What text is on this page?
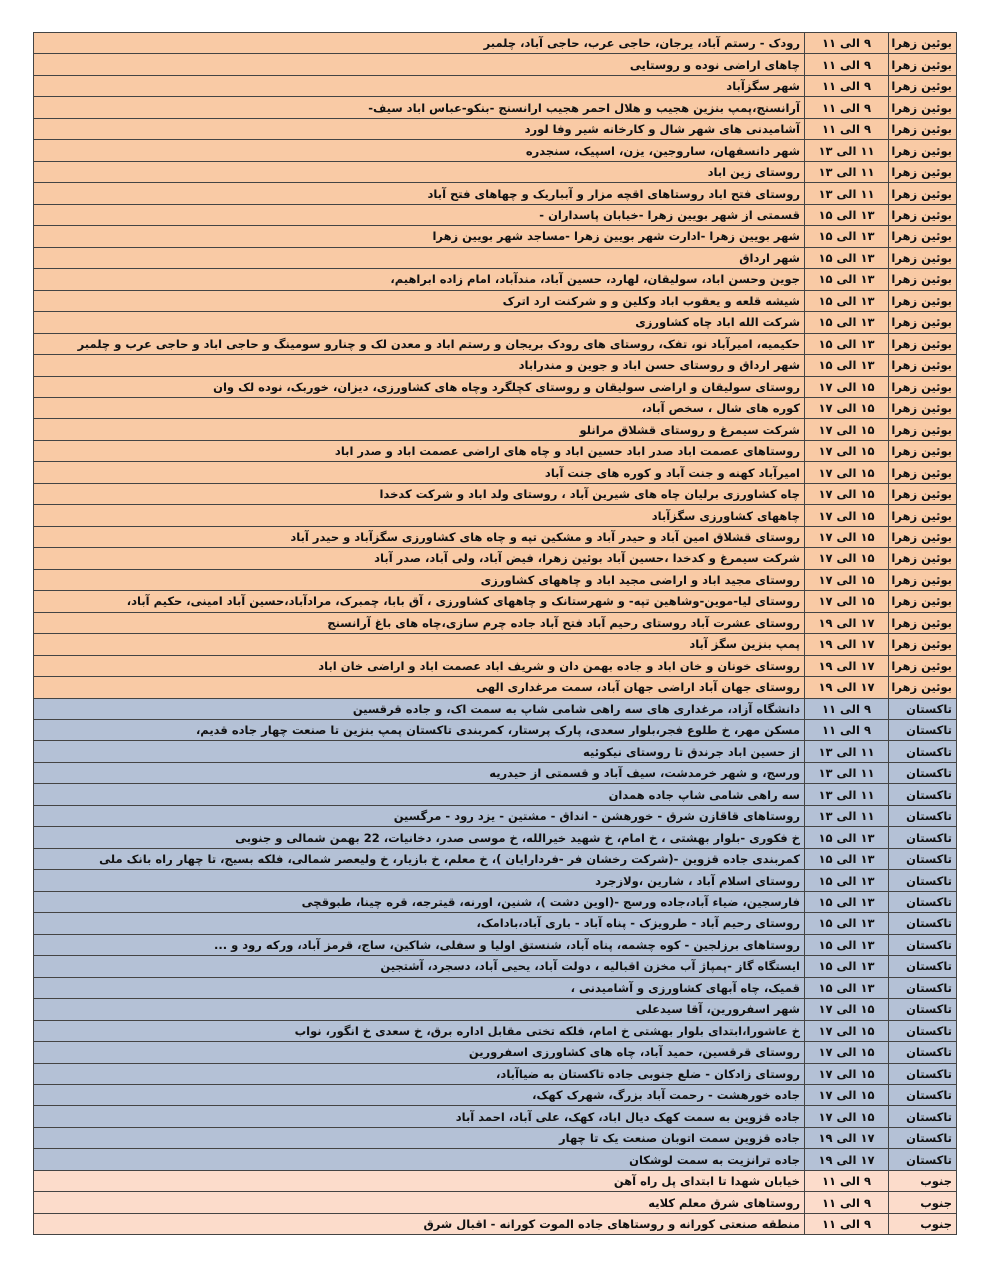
بوئین زهرا	۹ الی ۱۱	رودک - رستم آباد، یرجان، حاجی عرب، حاجی آباد، چلمبر
بوئین زهرا	۹ الی ۱۱	چاهای اراضی نوده و روستایی
بوئین زهرا	۹ الی ۱۱	شهر سگزآباد
بوئین زهرا	۹ الی ۱۱	آرانسنج،پمپ بنزین هجیب و هلال احمر هجیب ارانسنج -بنکو-عباس اباد سیف-
بوئین زهرا	۹ الی ۱۱	آشامیدنی های شهر شال و کارخانه شیر وفا لورد
بوئین زهرا	۱۱ الی ۱۳	شهر دانسفهان، ساروجین، یزن، اسپیک، سنجدره
بوئین زهرا	۱۱ الی ۱۳	روستای زین اباد
بوئین زهرا	۱۱ الی ۱۳	روستای فتح اباد روستاهای اقچه مزار و آبباریک و چهاهای فتح آباد
بوئین زهرا	۱۳ الی ۱۵	قسمتی از شهر بویین زهرا -خیابان پاسداران -
بوئین زهرا	۱۳ الی ۱۵	شهر بویین زهرا -ادارت شهر بویین زهرا -مساجد شهر بویین زهرا
بوئین زهرا	۱۳ الی ۱۵	شهر ارداق
بوئین زهرا	۱۳ الی ۱۵	جوین وحسن اباد، سولیقان، لهارد، حسین آباد، مندآباد، امام زاده ابراهیم،
بوئین زهرا	۱۳ الی ۱۵	شیشه قلعه و یعقوب اباد وکلین و و شرکنت ارد اترک
بوئین زهرا	۱۳ الی ۱۵	شرکت الله اباد چاه کشاورزی
بوئین زهرا	۱۳ الی ۱۵	حکیمیه، امیرآباد نو، تفک، روستای های رودک بریجان و رستم اباد و معدن لک و چنارو سومینگ و حاجی اباد و حاجی عرب و چلمبر
بوئین زهرا	۱۳ الی ۱۵	شهر ارداق و روستای حسن اباد و جوین و مندراباد
بوئین زهرا	۱۵ الی ۱۷	روستای سولیقان و اراضی سولیقان و روستای کچلگرد وچاه های کشاورزی، دیزان، خوربک، نوده لک وان
بوئین زهرا	۱۵ الی ۱۷	کوره های شال ، سخص آباد،
بوئین زهرا	۱۵ الی ۱۷	شرکت سیمرغ و روستای قشلاق مرانلو
بوئین زهرا	۱۵ الی ۱۷	روستاهای عصمت اباد صدر اباد حسین اباد و چاه های اراضی عصمت اباد و صدر اباد
بوئین زهرا	۱۵ الی ۱۷	امیرآباد کهنه و جنت آباد و کوره های جنت آباد
بوئین زهرا	۱۵ الی ۱۷	چاه کشاورزی برلیان چاه های شیرین آباد ، روستای ولد اباد و شرکت کدخدا
بوئین زهرا	۱۵ الی ۱۷	چاههای کشاورزی سگزآباد
بوئین زهرا	۱۵ الی ۱۷	روستای قشلاق امین آباد و حیدر آباد و مشکین تپه و چاه های کشاورزی سگزآباد و حیدر آباد
بوئین زهرا	۱۵ الی ۱۷	شرکت سیمرغ و کدخدا ،حسین آباد بوئین زهرا، فیض آباد، ولی آباد، صدر آباد
بوئین زهرا	۱۵ الی ۱۷	روستای مجید اباد و اراضی مجید اباد و چاههای کشاورزی
بوئین زهرا	۱۵ الی ۱۷	روستای لیا-موین-وشاهین تپه- و شهرستانک و چاههای کشاورزی ، آق بابا، چمبرک، مرادآباد،حسین آباد امینی، حکیم آباد،
بوئین زهرا	۱۷ الی ۱۹	روستای عشرت آباد روستای رحیم آباد فتح آباد جاده چرم سازی،چاه های باغ آرانسنج
بوئین زهرا	۱۷ الی ۱۹	پمپ بنزین سگز آباد
بوئین زهرا	۱۷ الی ۱۹	روستای خونان و خان اباد و جاده بهمن دان و شریف اباد عصمت اباد و اراضی خان اباد
بوئین زهرا	۱۷ الی ۱۹	روستای جهان آباد اراضی جهان آباد، سمت مرغداری الهی
تاکستان	۹ الی ۱۱	دانشگاه آزاد، مرغداری های سه راهی شامی شاپ به سمت اک، و جاده قرقسین
تاکستان	۹ الی ۱۱	مسکن مهر، خ طلوع فجر،بلوار سعدی، پارک پرستار، کمربندی تاکستان پمپ بنزین تا صنعت چهار جاده قدیم،
تاکستان	۱۱ الی ۱۳	از حسین اباد جرندق تا روستای نیکوئیه
تاکستان	۱۱ الی ۱۳	ورسج، و شهر خرمدشت، سیف آباد و قسمتی از حیدریه
تاکستان	۱۱ الی ۱۳	سه راهی شامی شاپ جاده همدان
تاکستان	۱۱ الی ۱۳	روستاهای قاقازن شرق - خورهشن - انداق - مشتین - یزد رود - مرگسین
تاکستان	۱۳ الی ۱۵	خ فکوری -بلوار بهشتی ، خ امام، خ شهید خیرالله، خ موسی صدر، دخانیات، 22 بهمن شمالی و جنوبی
تاکستان	۱۳ الی ۱۵	کمربندی جاده قزوین -(شرکت رخشان فر -فردارایان )، خ معلم، خ بازیار، خ ولیعصر شمالی، فلکه بسیج، تا چهار راه بانک ملی
تاکستان	۱۳ الی ۱۵	روستای اسلام آباد ، شارین ،ولازجرد
تاکستان	۱۳ الی ۱۵	فارسجین، ضیاء آباد،جاده ورسج -(اوین دشت )، شنین، اورنه، قیترجه، قره چینا، طبوقچی
تاکستان	۱۳ الی ۱۵	روستای رحیم آباد - طرویزک - پناه آباد - باری آباد،بادامک،
تاکستان	۱۳ الی ۱۵	روستاهای برزلجین - کوه چشمه، پناه آباد، شنستق اولیا و سفلی، شاکین، ساج، قرمز آباد، ورکه رود و ...
تاکستان	۱۳ الی ۱۵	ایستگاه گاز -پمپاژ آب مخزن اقبالیه ، دولت آباد، یحیی آباد، دسجرد، آشتجین
تاکستان	۱۳ الی ۱۵	قمیک، چاه آبهای کشاورزی و آشامیدنی ،
تاکستان	۱۵ الی ۱۷	شهر اسفرورین، آقا سیدعلی
تاکستان	۱۵ الی ۱۷	خ عاشورا،ابتدای بلوار بهشتی خ امام، فلکه تختی مقابل اداره برق، خ سعدی خ انگور، نواب
تاکستان	۱۵ الی ۱۷	روستای قرقسین، حمید آباد، چاه های کشاورزی اسفرورین
تاکستان	۱۵ الی ۱۷	روستای زادکان - ضلع جنوبی جاده تاکستان به ضیاآباد،
تاکستان	۱۵ الی ۱۷	جاده خورهشت - رحمت آباد بزرگ، شهرک کهک،
تاکستان	۱۵ الی ۱۷	جاده قزوین به سمت کهک دیال اباد، کهک، علی آباد، احمد آباد
تاکستان	۱۷ الی ۱۹	جاده قزوین سمت اتوبان صنعت یک تا چهار
تاکستان	۱۷ الی ۱۹	جاده ترانزیت به سمت لوشکان
جنوب	۹ الی ۱۱	خیابان شهدا تا ابتدای پل راه آهن
جنوب	۹ الی ۱۱	روستاهای شرق معلم کلایه
جنوب	۹ الی ۱۱	منطقه صنعتی کورانه و روستاهای جاده الموت کورانه - اقبال شرق
